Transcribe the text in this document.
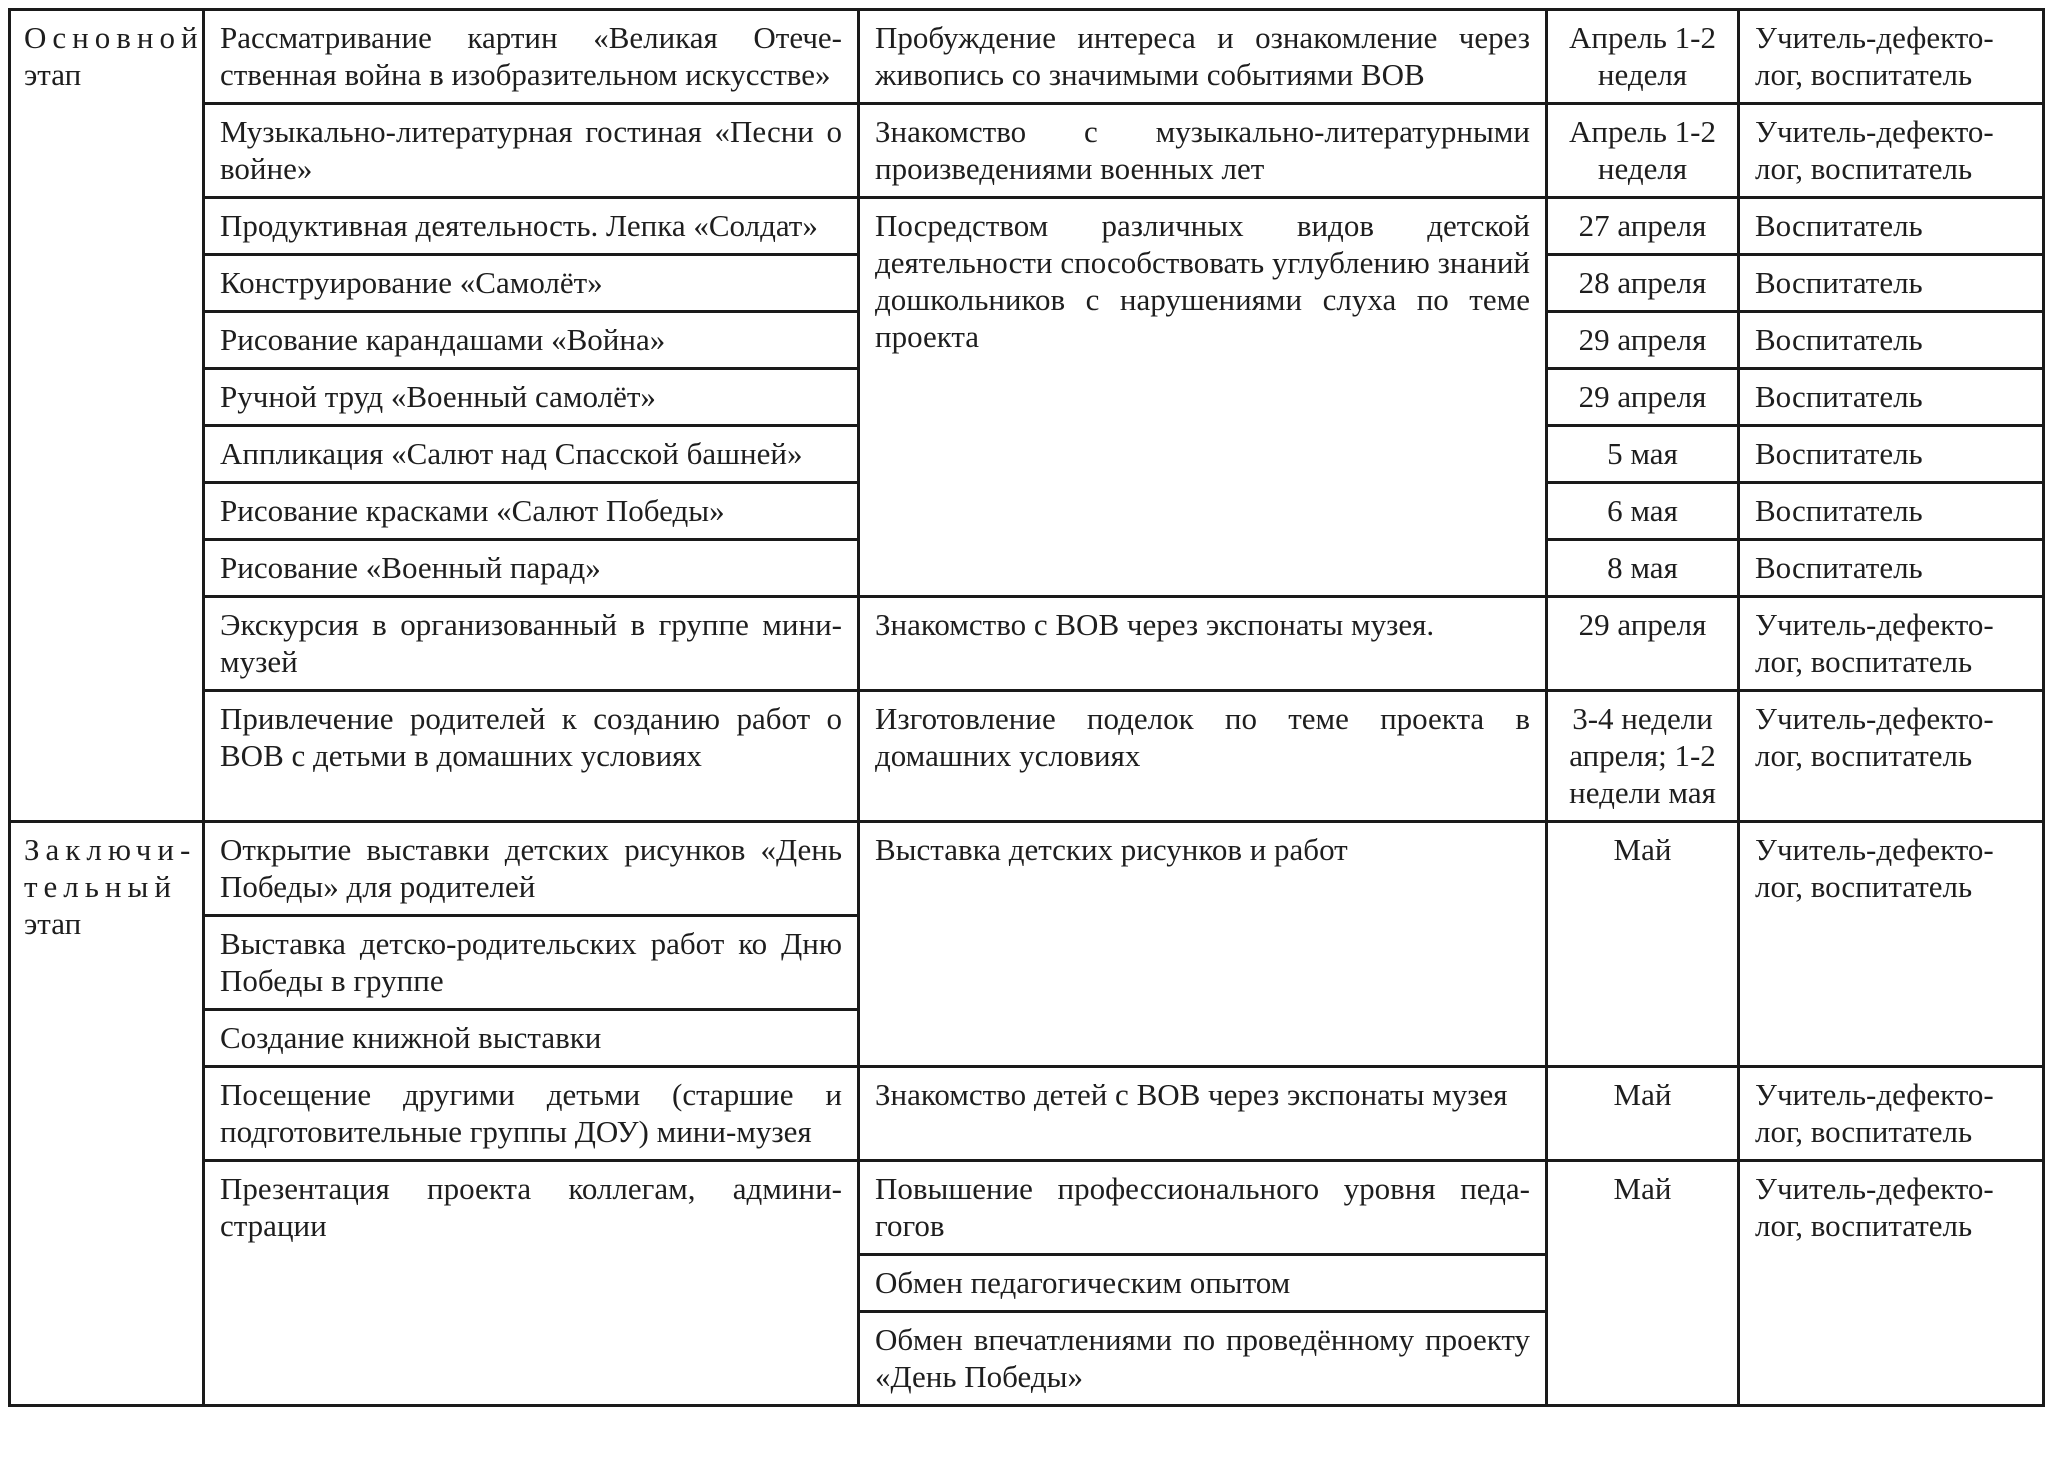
Основной
этап	Рассматривание картин «Великая Отечественная война в изобразительном искусстве»	Пробуждение интереса и ознакомление через живопись со значимыми событиями ВОВ	Апрель 1-2 неделя	Учитель-дефектолог, воспитатель
	Музыкально-литературная гостиная «Песни о войне»	Знакомство с музыкально-литературными произведениями военных лет	Апрель 1-2 неделя	Учитель-дефектолог, воспитатель
	Продуктивная деятельность. Лепка «Солдат»	Посредством различных видов детской деятельности способствовать углублению знаний дошкольников с нарушениями слуха по теме проекта	27 апреля	Воспитатель
	Конструирование «Самолёт»		28 апреля	Воспитатель
	Рисование карандашами «Война»		29 апреля	Воспитатель
	Ручной труд «Военный самолёт»		29 апреля	Воспитатель
	Аппликация «Салют над Спасской башней»		5 мая	Воспитатель
	Рисование красками «Салют Победы»		6 мая	Воспитатель
	Рисование «Военный парад»		8 мая	Воспитатель
	Экскурсия в организованный в группе мини-музей	Знакомство с ВОВ через экспонаты музея.	29 апреля	Учитель-дефектолог, воспитатель
	Привлечение родителей к созданию работ о ВОВ с детьми в домашних условиях	Изготовление поделок по теме проекта в домашних условиях	3-4 недели апреля; 1-2 недели мая	Учитель-дефектолог, воспитатель
Заключи-
тельный
этап	Открытие выставки детских рисунков «День Победы» для родителей	Выставка детских рисунков и работ	Май	Учитель-дефектолог, воспитатель
	Выставка детско-родительских работ ко Дню Победы в группе			
	Создание книжной выставки			
	Посещение другими детьми (старшие и подготовительные группы ДОУ) мини-музея	Знакомство детей с ВОВ через экспонаты музея	Май	Учитель-дефектолог, воспитатель
	Презентация проекта коллегам, администрации	Повышение профессионального уровня педагогов	Май	Учитель-дефектолог, воспитатель
		Обмен педагогическим опытом		
		Обмен впечатлениями по проведённому проекту «День Победы»		
